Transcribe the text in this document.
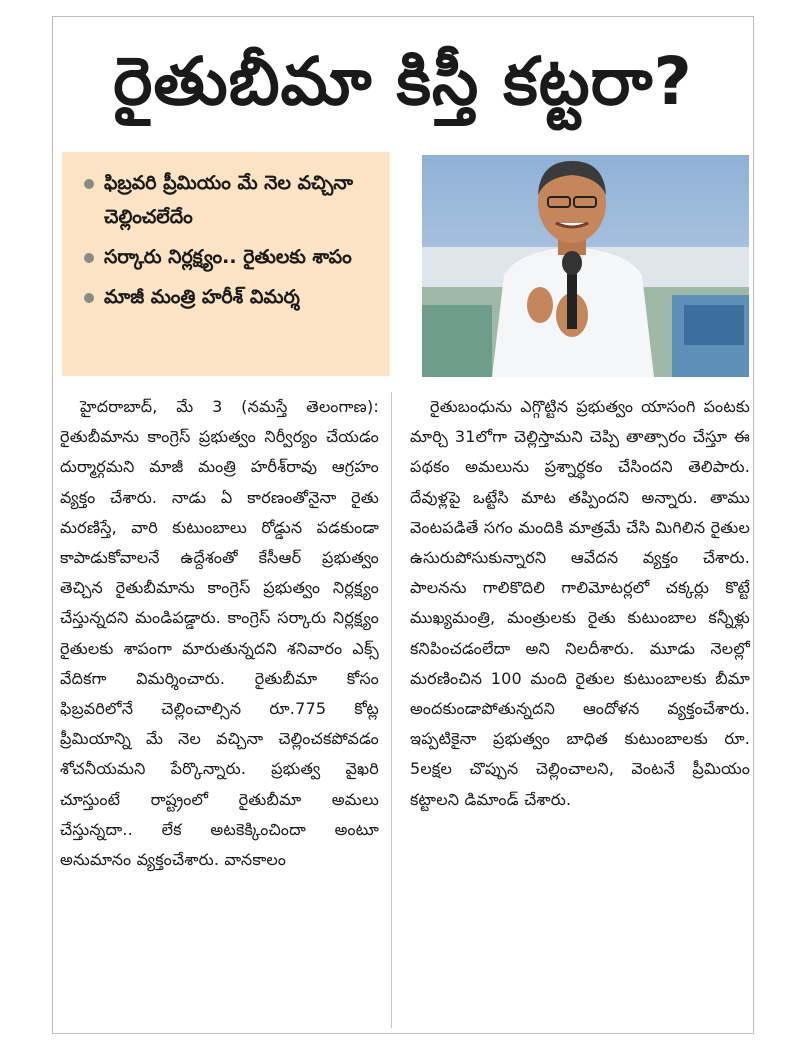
రైతుబీమా కిస్తీ కట్టరా?
ఫిబ్రవరి ప్రీమియం మే నెల వచ్చినా చెల్లించలేదేం
సర్కారు నిర్లక్ష్యం.. రైతులకు శాపం
మాజీ మంత్రి హరీశ్‌ విమర్శ

హైదరాబాద్‌, మే 3 (నమస్తే తెలంగాణ): రైతుబీమాను కాంగ్రెస్‌ ప్రభుత్వం నిర్వీర్యం చేయడం దుర్మార్గమని మాజీ మంత్రి హరీశ్‌రావు ఆగ్రహం వ్యక్తం చేశారు. నాడు ఏ కారణంతోనైనా రైతు మరణిస్తే, వారి కుటుంబాలు రోడ్డున పడకుండా కాపాడుకోవాలనే ఉద్దేశంతో కేసీఆర్‌ ప్రభుత్వం తెచ్చిన రైతుబీమాను కాంగ్రెస్‌ ప్రభుత్వం నిర్లక్ష్యం చేస్తున్నదని మండిపడ్డారు. కాంగ్రెస్‌ సర్కారు నిర్లక్ష్యం రైతులకు శాపంగా మారుతున్నదని శనివారం ఎక్స్‌ వేదికగా విమర్శించారు. రైతుబీమా కోసం ఫిబ్రవరిలోనే చెల్లించాల్సిన రూ.775 కోట్ల ప్రీమియాన్ని మే నెల వచ్చినా చెల్లించకపోవడం శోచనీయమని పేర్కొన్నారు. ప్రభుత్వ వైఖరి చూస్తుంటే రాష్ట్రంలో రైతుబీమా అమలు చేస్తున్నదా.. లేక అటకెక్కించిందా అంటూ అనుమానం వ్యక్తంచేశారు. వానకాలం

రైతుబంధును ఎగ్గొట్టిన ప్రభుత్వం యాసంగి పంటకు మార్చి 31లోగా చెల్లిస్తామని చెప్పి తాత్సారం చేస్తూ ఈ పథకం అమలును ప్రశ్నార్థకం చేసిందని తెలిపారు. దేవుళ్లపై ఒట్టేసి మాట తప్పిందని అన్నారు. తాము వెంటపడితే సగం మందికి మాత్రమే చేసి మిగిలిన రైతుల ఉసురుపోసుకున్నారని ఆవేదన వ్యక్తం చేశారు. పాలనను గాలికొదిలి గాలిమోటర్లలో చక్కర్లు కొట్టే ముఖ్యమంత్రి, మంత్రులకు రైతు కుటుంబాల కన్నీళ్లు కనిపించడంలేదా అని నిలదీశారు. మూడు నెలల్లో మరణించిన 100 మంది రైతుల కుటుంబాలకు బీమా అందకుండాపోతున్నదని ఆందోళన వ్యక్తంచేశారు. ఇప్పటికైనా ప్రభుత్వం బాధిత కుటుంబాలకు రూ. 5లక్షల చొప్పున చెల్లించాలని, వెంటనే ప్రీమియం కట్టాలని డిమాండ్‌ చేశారు.
